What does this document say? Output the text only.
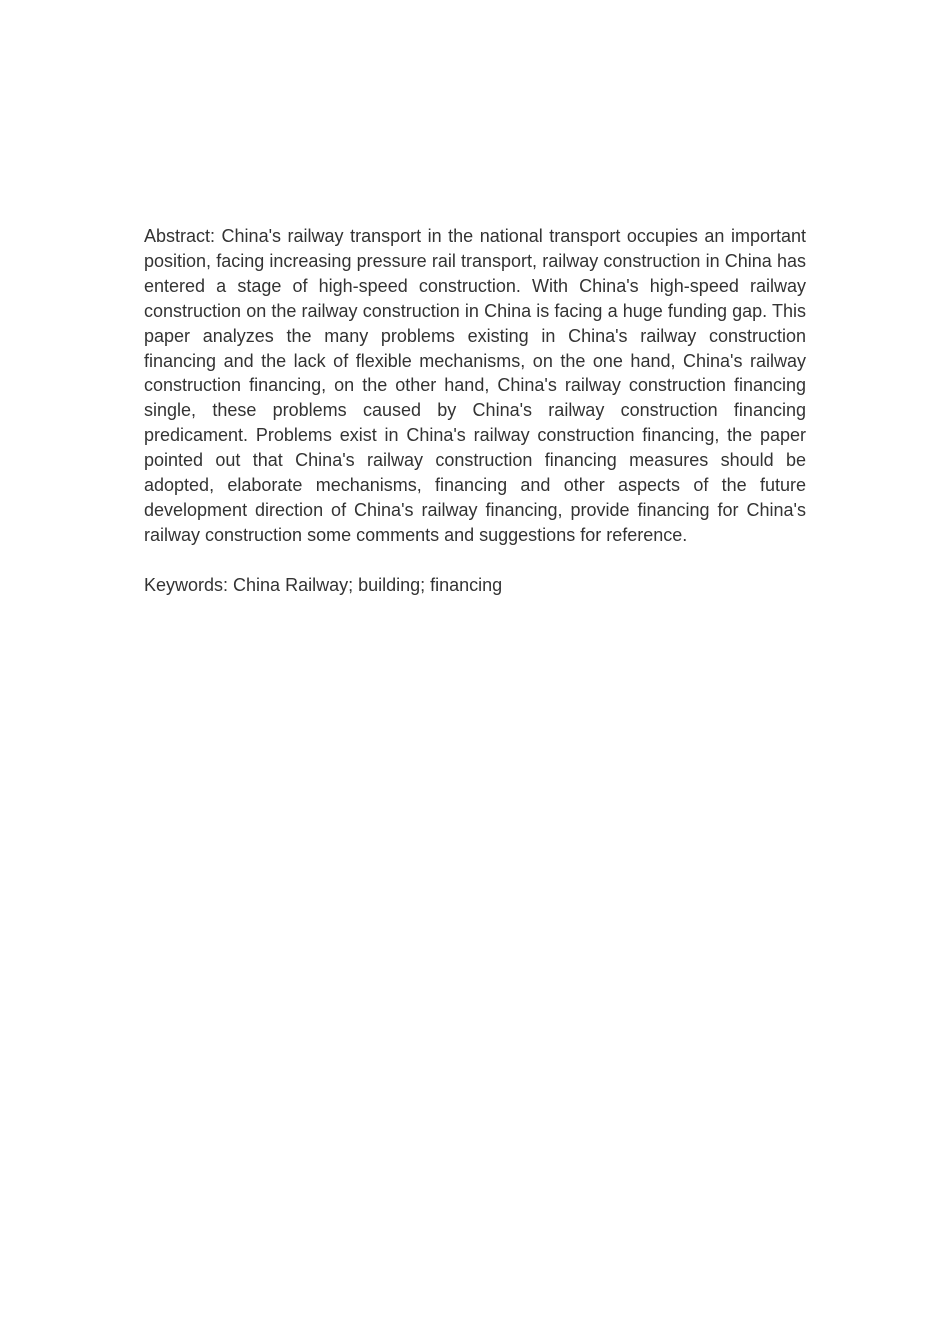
Abstract: China's railway transport in the national transport occupies an important position, facing increasing pressure rail transport, railway construction in China has entered a stage of high-speed construction. With China's high-speed railway construction on the railway construction in China is facing a huge funding gap. This paper analyzes the many problems existing in China's railway construction financing and the lack of flexible mechanisms, on the one hand, China's railway construction financing, on the other hand, China's railway construction financing single, these problems caused by China's railway construction financing predicament. Problems exist in China's railway construction financing, the paper pointed out that China's railway construction financing measures should be adopted, elaborate mechanisms, financing and other aspects of the future development direction of China's railway financing, provide financing for China's railway construction some comments and suggestions for reference.

Keywords: China Railway; building; financing
